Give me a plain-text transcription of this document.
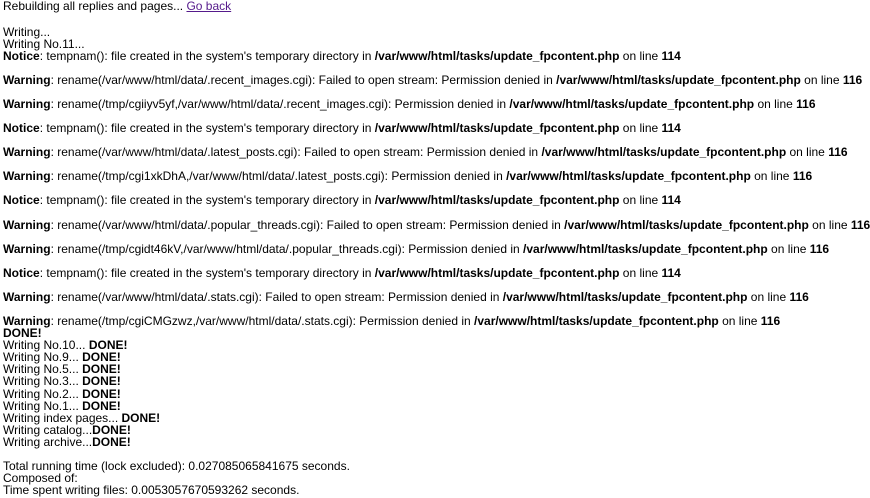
Rebuilding all replies and pages... Go back
Writing...
Writing No.11...
Notice: tempnam(): file created in the system's temporary directory in /var/www/html/tasks/update_fpcontent.php on line 114
Warning: rename(/var/www/html/data/.recent_images.cgi): Failed to open stream: Permission denied in /var/www/html/tasks/update_fpcontent.php on line 116
Warning: rename(/tmp/cgiiyv5yf,/var/www/html/data/.recent_images.cgi): Permission denied in /var/www/html/tasks/update_fpcontent.php on line 116
Notice: tempnam(): file created in the system's temporary directory in /var/www/html/tasks/update_fpcontent.php on line 114
Warning: rename(/var/www/html/data/.latest_posts.cgi): Failed to open stream: Permission denied in /var/www/html/tasks/update_fpcontent.php on line 116
Warning: rename(/tmp/cgi1xkDhA,/var/www/html/data/.latest_posts.cgi): Permission denied in /var/www/html/tasks/update_fpcontent.php on line 116
Notice: tempnam(): file created in the system's temporary directory in /var/www/html/tasks/update_fpcontent.php on line 114
Warning: rename(/var/www/html/data/.popular_threads.cgi): Failed to open stream: Permission denied in /var/www/html/tasks/update_fpcontent.php on line 116
Warning: rename(/tmp/cgidt46kV,/var/www/html/data/.popular_threads.cgi): Permission denied in /var/www/html/tasks/update_fpcontent.php on line 116
Notice: tempnam(): file created in the system's temporary directory in /var/www/html/tasks/update_fpcontent.php on line 114
Warning: rename(/var/www/html/data/.stats.cgi): Failed to open stream: Permission denied in /var/www/html/tasks/update_fpcontent.php on line 116
Warning: rename(/tmp/cgiCMGzwz,/var/www/html/data/.stats.cgi): Permission denied in /var/www/html/tasks/update_fpcontent.php on line 116
DONE!
Writing No.10... DONE!
Writing No.9... DONE!
Writing No.5... DONE!
Writing No.3... DONE!
Writing No.2... DONE!
Writing No.1... DONE!
Writing index pages... DONE!
Writing catalog...DONE!
Writing archive...DONE!
Total running time (lock excluded): 0.027085065841675 seconds.
Composed of:
Time spent writing files: 0.0053057670593262 seconds.
